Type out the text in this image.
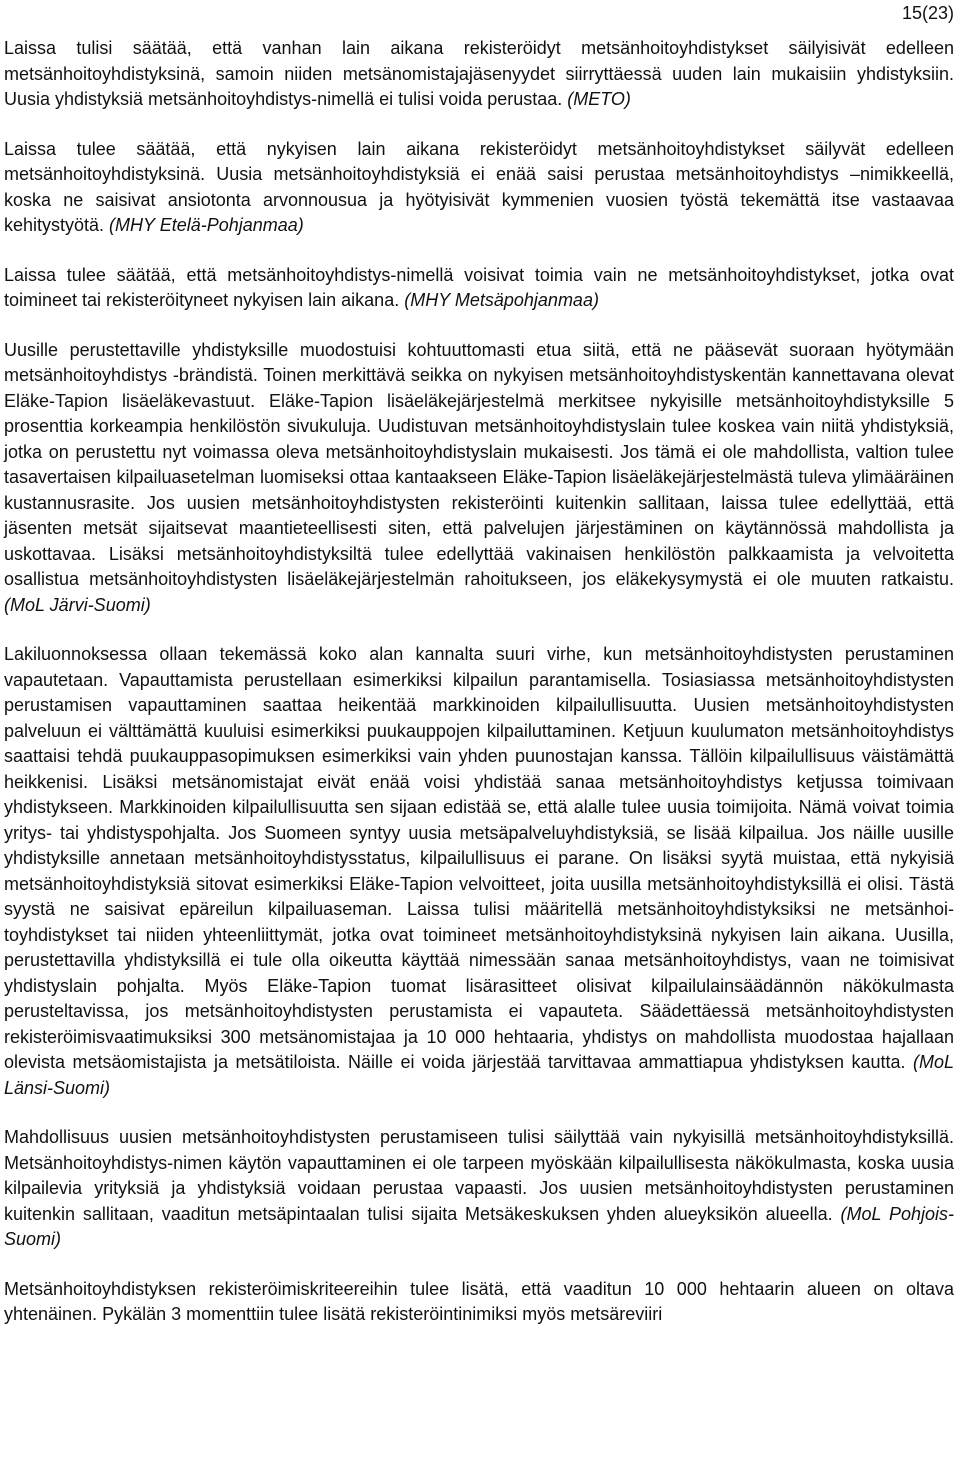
15(23)

Laissa tulisi säätää, että vanhan lain aikana rekisteröidyt metsänhoitoyhdistykset säilyisivät edelleen metsänhoitoyhdistyksinä, samoin niiden metsänomistajajäsenyydet siirryttäessä uuden lain mukaisiin yhdistyksiin. Uusia yhdistyksiä metsänhoitoyhdistys-nimellä ei tulisi voida perustaa. (METO)

Laissa tulee säätää, että nykyisen lain aikana rekisteröidyt metsänhoitoyhdistykset säilyvät edelleen metsänhoitoyhdistyksinä. Uusia metsänhoitoyhdistyksiä ei enää saisi perustaa metsänhoitoyhdistys –nimikkeellä, koska ne saisivat ansiotonta arvonnousua ja hyötyisivät kymmenien vuosien työstä tekemättä itse vastaavaa kehitystyötä. (MHY Etelä-Pohjanmaa)

Laissa tulee säätää, että metsänhoitoyhdistys-nimellä voisivat toimia vain ne metsänhoitoyhdistykset, jotka ovat toimineet tai rekisteröityneet nykyisen lain aikana. (MHY Metsäpohjanmaa)

Uusille perustettaville yhdistyksille muodostuisi kohtuuttomasti etua siitä, että ne pääsevät suoraan hyötymään metsänhoitoyhdistys -brändistä. Toinen merkittävä seikka on nykyisen metsänhoitoyhdistyskentän kannettavana olevat Eläke-Tapion lisäeläkevastuut. Eläke-Tapion lisäeläkejärjestelmä merkitsee nykyisille metsänhoitoyhdistyksille 5 prosenttia korkeampia henkilöstön sivukuluja. Uudistuvan metsänhoitoyhdistyslain tulee koskea vain niitä yhdistyksiä, jotka on perustettu nyt voimassa oleva metsänhoitoyhdistyslain mukaisesti. Jos tämä ei ole mahdollista, valtion tulee tasavertaisen kilpailuasetelman luomiseksi ottaa kantaakseen Eläke-Tapion lisäeläkejärjestelmästä tuleva ylimääräinen kustannusrasite. Jos uusien metsänhoitoyhdistysten rekisteröinti kuitenkin sallitaan, laissa tulee edellyttää, että jäsenten metsät sijaitsevat maantieteellisesti siten, että palvelujen järjestäminen on käytännössä mahdollista ja uskottavaa. Lisäksi metsänhoitoyhdistyksiltä tulee edellyttää vakinaisen henkilöstön palkkaamista ja velvoitetta osallistua metsänhoitoyhdistysten lisäeläkejärjestelmän rahoitukseen, jos eläkekysymystä ei ole muuten ratkaistu. (MoL Järvi-Suomi)

Lakiluonnoksessa ollaan tekemässä koko alan kannalta suuri virhe, kun metsänhoitoyhdistysten perustaminen vapautetaan. Vapauttamista perustellaan esimerkiksi kilpailun parantamisella. Tosiasiassa metsänhoitoyhdistysten perustamisen vapauttaminen saattaa heikentää markkinoiden kilpailullisuutta. Uusien metsänhoitoyhdistysten palveluun ei välttämättä kuuluisi esimerkiksi puukauppojen kilpailuttaminen. Ketjuun kuulumaton metsänhoitoyhdistys saattaisi tehdä puukauppasopimuksen esimerkiksi vain yhden puunostajan kanssa. Tällöin kilpailullisuus väistämättä heikkenisi. Lisäksi metsänomistajat eivät enää voisi yhdistää sanaa metsänhoitoyhdistys ketjussa toimivaan yhdistykseen. Markkinoiden kilpailullisuutta sen sijaan edistää se, että alalle tulee uusia toimijoita. Nämä voivat toimia yritys- tai yhdistyspohjalta. Jos Suomeen syntyy uusia metsäpalveluyhdistyksiä, se lisää kilpailua. Jos näille uusille yhdistyksille annetaan metsänhoitoyhdistysstatus, kilpailullisuus ei parane. On lisäksi syytä muistaa, että nykyisiä metsänhoitoyhdistyksiä sitovat esimerkiksi Eläke-Tapion velvoitteet, joita uusilla metsänhoitoyhdistyksillä ei olisi. Tästä syystä ne saisivat epäreilun kilpailuaseman. Laissa tulisi määritellä metsänhoitoyhdistyksiksi ne metsänhoitoyhdistykset tai niiden yhteenliittymät, jotka ovat toimineet metsänhoitoyhdistyksinä nykyisen lain aikana. Uusilla, perustettavilla yhdistyksillä ei tule olla oikeutta käyttää nimessään sanaa metsänhoitoyhdistys, vaan ne toimisivat yhdistyslain pohjalta. Myös Eläke-Tapion tuomat lisärasitteet olisivat kilpailulainsäädännön näkökulmasta perusteltavissa, jos metsänhoitoyhdistysten perustamista ei vapauteta. Säädettäessä metsänhoitoyhdistysten rekisteröimisvaatimuksiksi 300 metsänomistajaa ja 10 000 hehtaaria, yhdistys on mahdollista muodostaa hajallaan olevista metsäomistajista ja metsätiloista. Näille ei voida järjestää tarvittavaa ammattiapua yhdistyksen kautta. (MoL Länsi-Suomi)

Mahdollisuus uusien metsänhoitoyhdistysten perustamiseen tulisi säilyttää vain nykyisillä metsänhoitoyhdistyksillä. Metsänhoitoyhdistys-nimen käytön vapauttaminen ei ole tarpeen myöskään kilpailullisesta näkökulmasta, koska uusia kilpailevia yrityksiä ja yhdistyksiä voidaan perustaa vapaasti. Jos uusien metsänhoitoyhdistysten perustaminen kuitenkin sallitaan, vaaditun metsäpintaalan tulisi sijaita Metsäkeskuksen yhden alueyksikön alueella. (MoL Pohjois-Suomi)

Metsänhoitoyhdistyksen rekisteröimiskriteereihin tulee lisätä, että vaaditun 10 000 hehtaarin alueen on oltava yhtenäinen. Pykälän 3 momenttiin tulee lisätä rekisteröintinimiksi myös metsäreviiri
